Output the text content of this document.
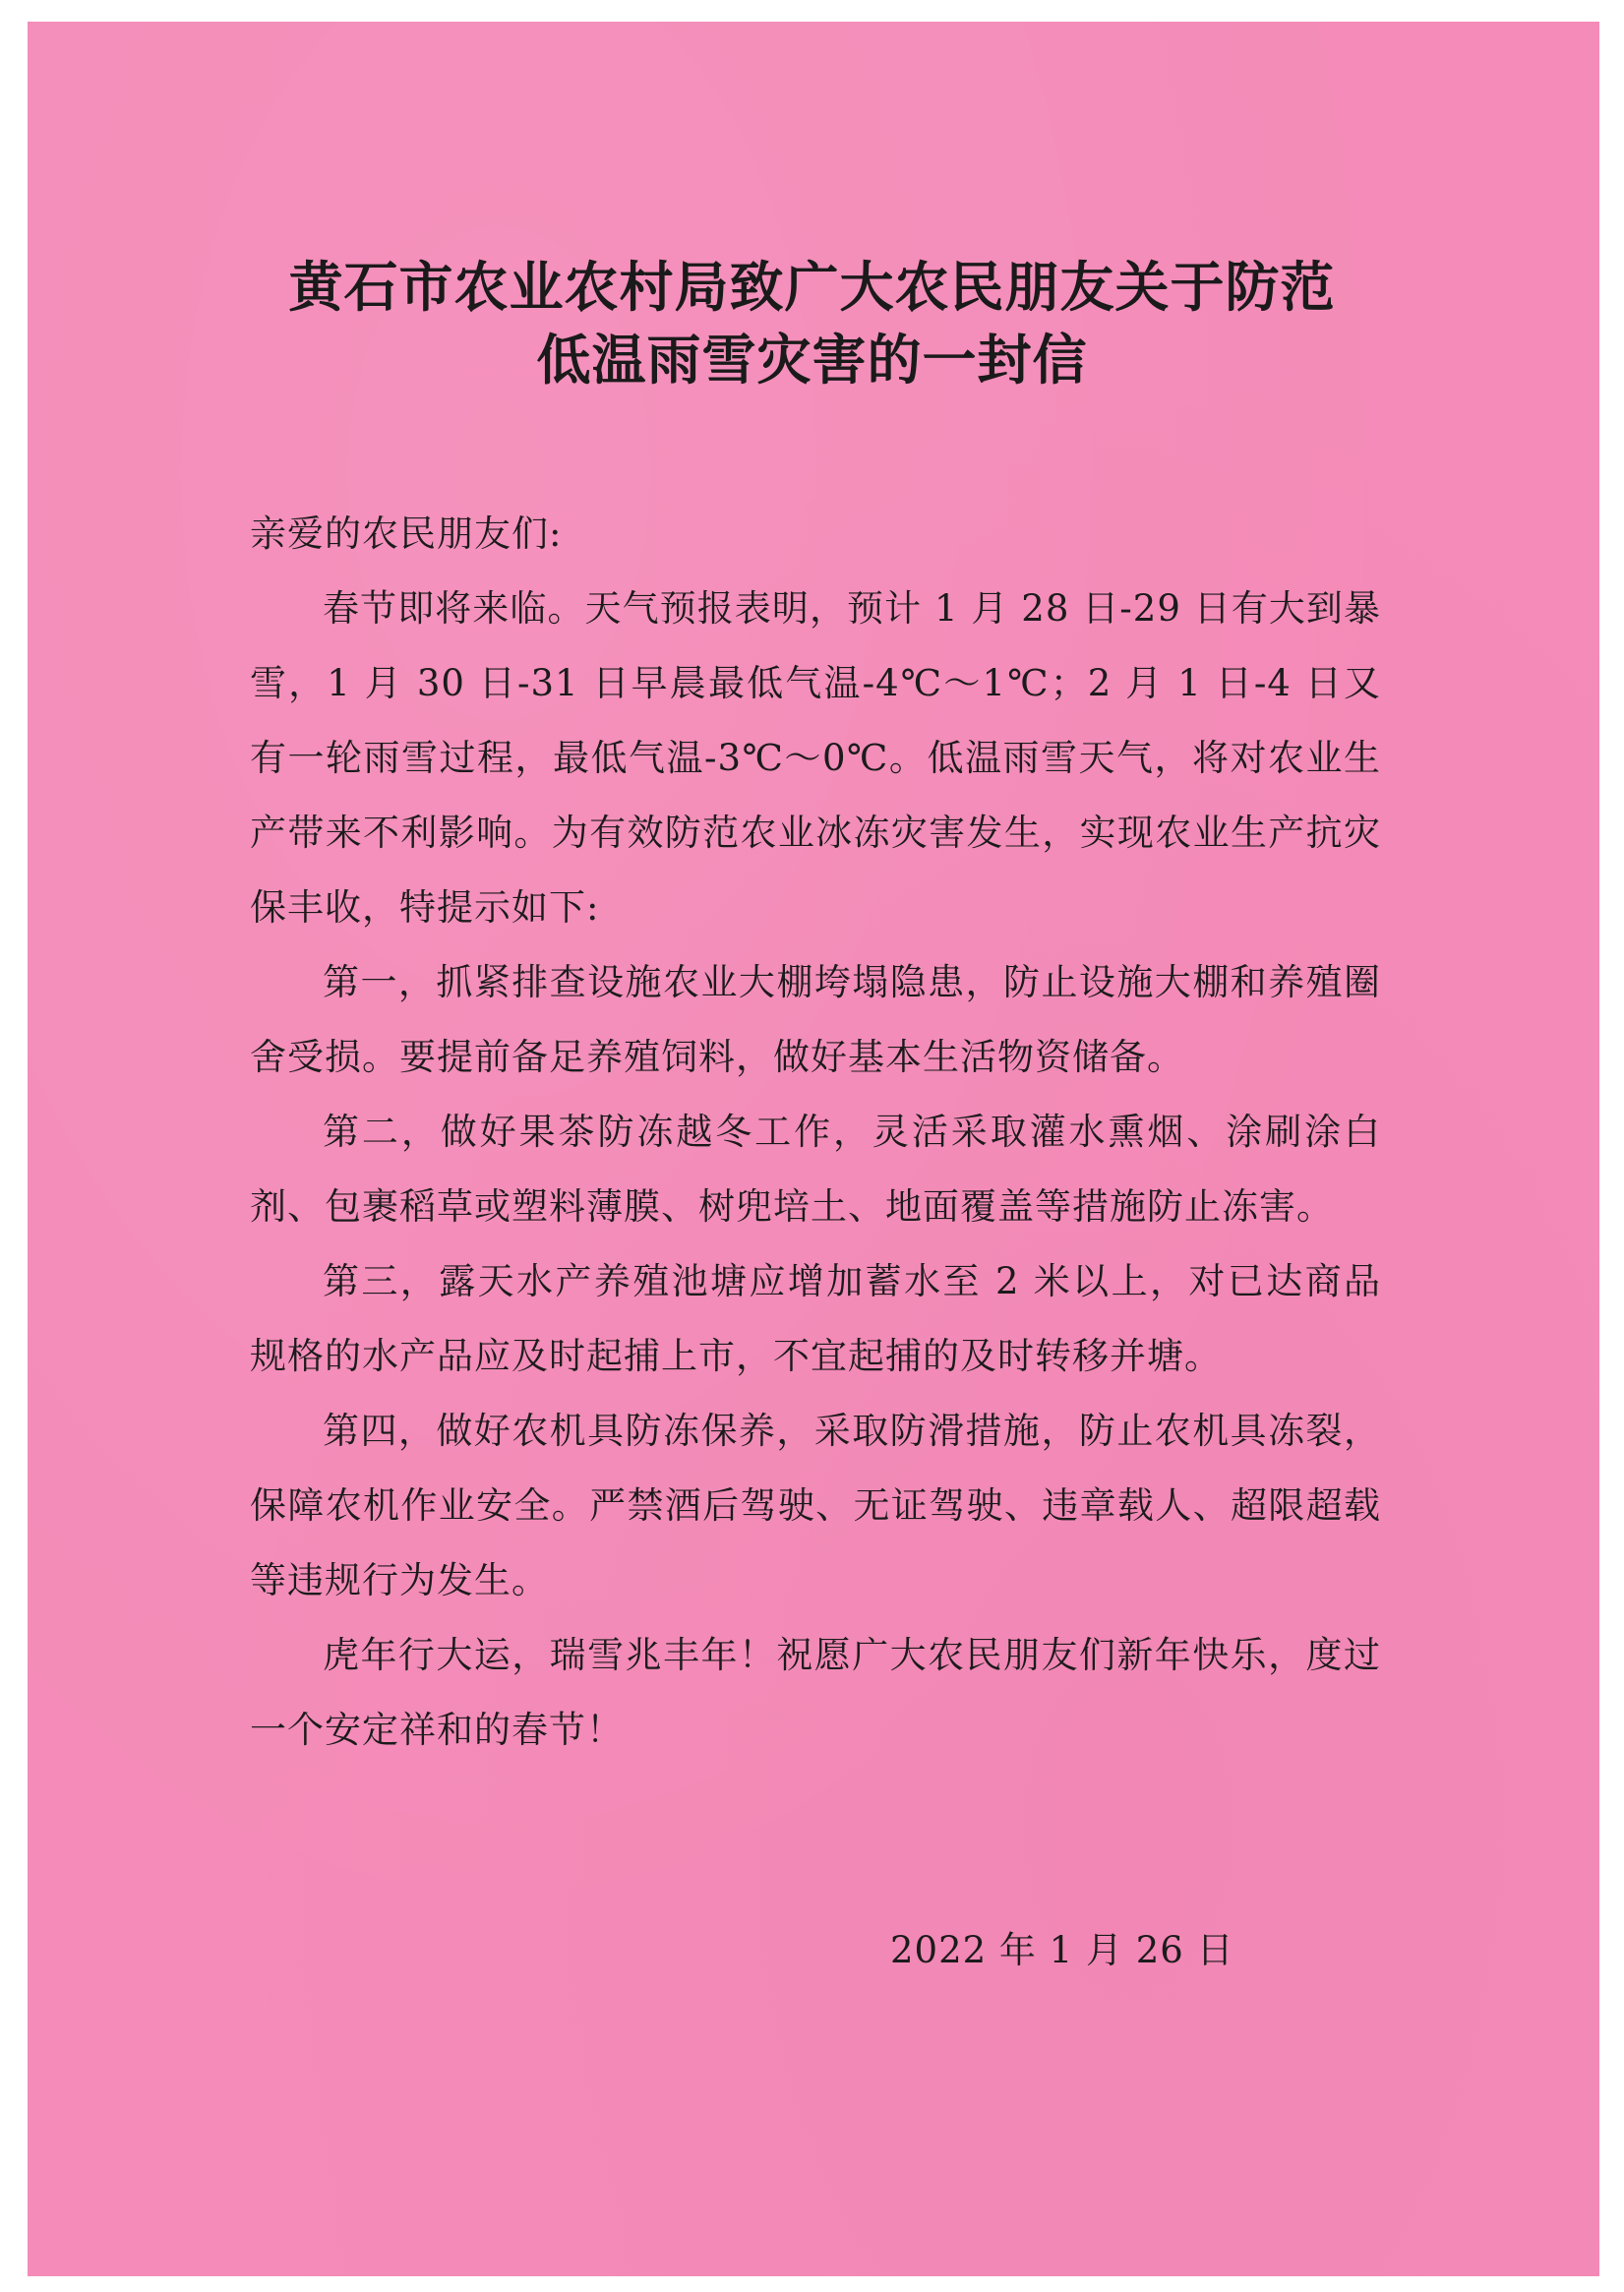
黄石市农业农村局致广大农民朋友关于防范
低温雨雪灾害的一封信

亲爱的农民朋友们:

春节即将来临。天气预报表明，预计 1 月 28 日-29 日有大到暴雪，1 月 30 日-31 日早晨最低气温-4℃～1℃；2 月 1 日-4 日又有一轮雨雪过程，最低气温-3℃～0℃。低温雨雪天气，将对农业生产带来不利影响。为有效防范农业冰冻灾害发生，实现农业生产抗灾保丰收，特提示如下:

第一，抓紧排查设施农业大棚垮塌隐患，防止设施大棚和养殖圈舍受损。要提前备足养殖饲料，做好基本生活物资储备。

第二，做好果茶防冻越冬工作，灵活采取灌水熏烟、涂刷涂白剂、包裹稻草或塑料薄膜、树兜培土、地面覆盖等措施防止冻害。

第三，露天水产养殖池塘应增加蓄水至 2 米以上，对已达商品规格的水产品应及时起捕上市，不宜起捕的及时转移并塘。

第四，做好农机具防冻保养，采取防滑措施，防止农机具冻裂，保障农机作业安全。严禁酒后驾驶、无证驾驶、违章载人、超限超载等违规行为发生。

虎年行大运，瑞雪兆丰年！祝愿广大农民朋友们新年快乐，度过一个安定祥和的春节！

2022 年 1 月 26 日
